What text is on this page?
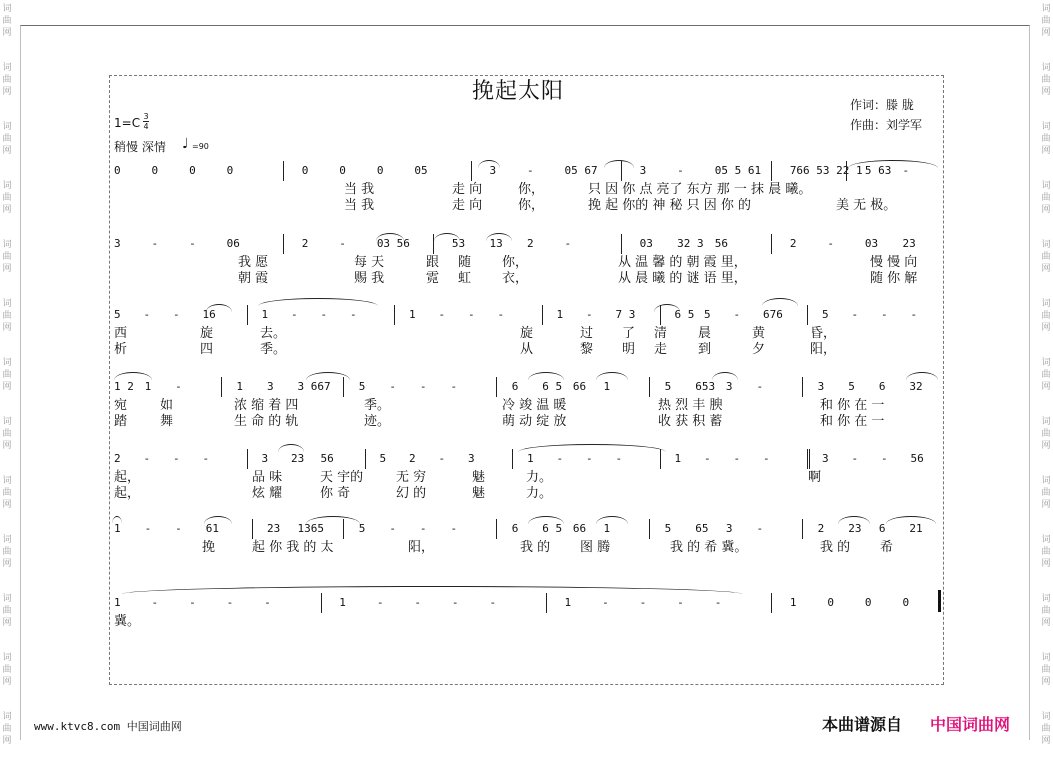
词
曲
网
词
曲
网
词
曲
网
词
曲
网
词
曲
网
词
曲
网
词
曲
网
词
曲
网
词
曲
网
词
曲
网
词
曲
网
词
曲
网
词
曲
网
词
曲
网
词
曲
网
词
曲
网
词
曲
网
词
曲
网
词
曲
网
词
曲
网
词
曲
网
词
曲
网
词
曲
网
词
曲
网
词
曲
网
词
曲
网
挽起太阳
作词：滕 胧
作曲：刘学军
1=C 3
4
稍慢 深情 ♩ =90
0	0	0	0	0	0	0	05	3	-	05 67	3	-	05 5 61	766 53 22 1 5 63 -
当 我	走 向	你，	只 因 你 点 亮了 东方 那 一 抹 晨 曦。
当 我	走 向	你，	挽 起 你的 神 秘 只 因 你 的	美 无 极。
3	-	-	06	2	-	03 56	53 13 2	-	03 32 3 56	2	-	03 23
我 愿	每 天	跟 随 你，	从 温 馨 的 朝 霞 里，	慢 慢 向
朝 霞	赐 我	霓 虹 衣，	从 晨 曦 的 谜 语 里，	随 你 解
5 - - 16	1 - - -	1 - - -	1 - 7 3	6 5 5 - 676	5 - - -
西	旋	去。	旋	过 了 清 晨	黄	昏，
析	四	季。	从	黎 明 走 到	夕	阳，
1 2 1 -	1 3 3 667	5 - - -	6 6 5 66 1	5 653 3 -	3 5 6 32
宛	如	浓 缩 着 四	季。	冷 竣 温 暖	热 烈 丰 腴	和 你 在 一
踏	舞	生 命 的 轨	迹。	萌 动 绽 放	收 获 积 蓄	和 你 在 一
2 - - -	3 23 56	5 2 - 3	1 - - -	1 - - -	3 - - 56
起，	品 味	天 宇的	无 穷	魅	力。	啊
起，	炫 耀	你 奇	幻 的	魅	力。
1 - - 61	23 1365	5 - - -	6 6 5 66 1	5 65 3 -	2 23 6 21
挽	起 你 我 的 太	阳，	我 的 图 腾	我 的 希 冀。	我 的 希
1	-	-	-	-	1	-	-	-	-	1	-	-	-	-	1	0	0	0
冀。
www.ktvc8.com 中国词曲网	本曲谱源自 中国词曲网
